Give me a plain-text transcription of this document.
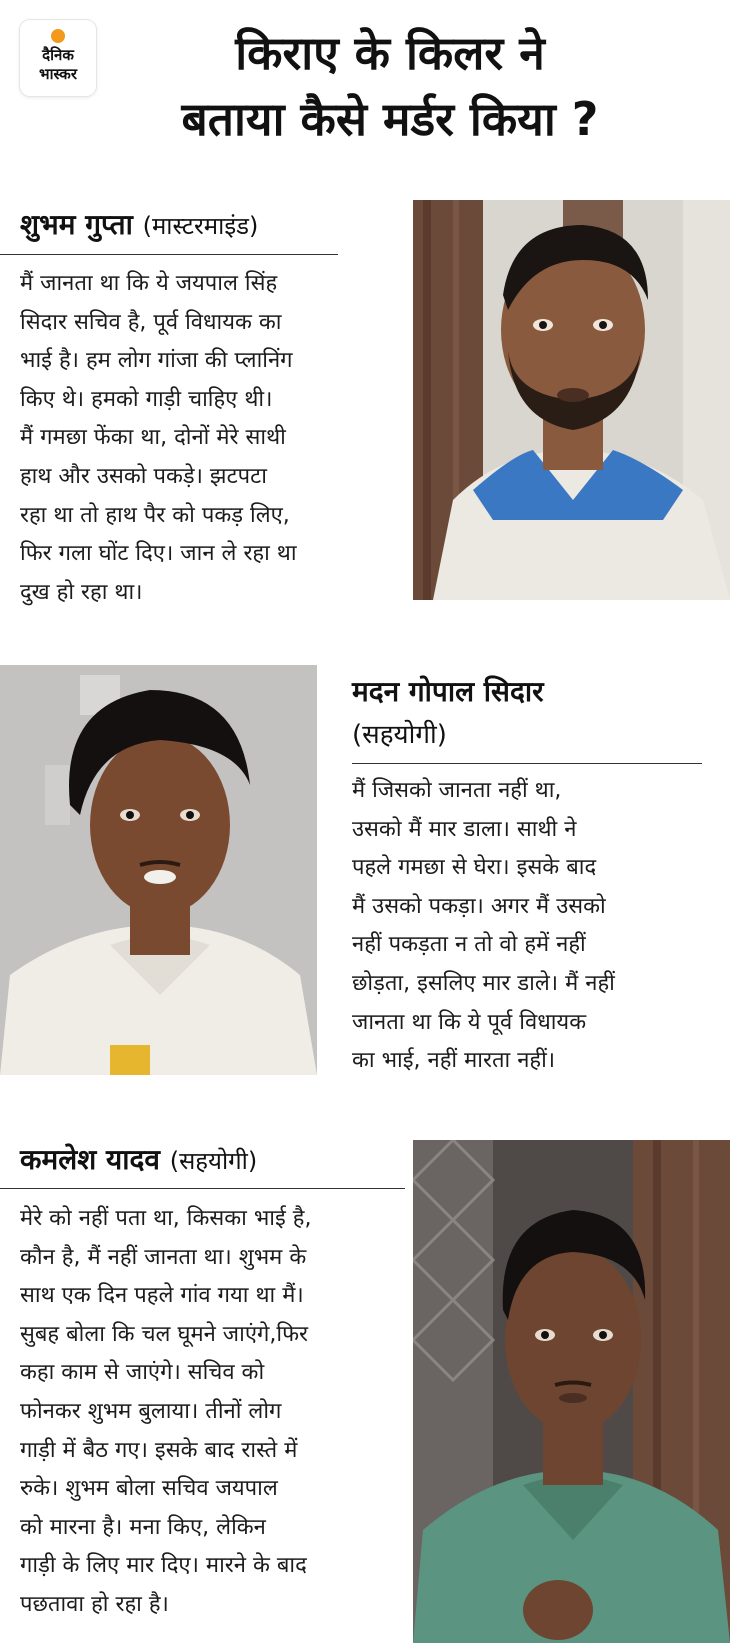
दैनिक
भास्कर	किराए के किलर ने
बताया कैसे मर्डर किया ?
शुभम गुप्ता (मास्टरमाइंड)
मैं जानता था कि ये जयपाल सिंह
सिदार सचिव है, पूर्व विधायक का
भाई है। हम लोग गांजा की प्लानिंग
किए थे। हमको गाड़ी चाहिए थी।
मैं गमछा फेंका था, दोनों मेरे साथी
हाथ और उसको पकड़े। झटपटा
रहा था तो हाथ पैर को पकड़ लिए,
फिर गला घोंट दिए। जान ले रहा था
दुख हो रहा था।
मदन गोपाल सिदार
(सहयोगी)
मैं जिसको जानता नहीं था,
उसको मैं मार डाला। साथी ने
पहले गमछा से घेरा। इसके बाद
मैं उसको पकड़ा। अगर मैं उसको
नहीं पकड़ता न तो वो हमें नहीं
छोड़ता, इसलिए मार डाले। मैं नहीं
जानता था कि ये पूर्व विधायक
का भाई, नहीं मारता नहीं।
कमलेश यादव (सहयोगी)
मेरे को नहीं पता था, किसका भाई है,
कौन है, मैं नहीं जानता था। शुभम के
साथ एक दिन पहले गांव गया था मैं।
सुबह बोला कि चल घूमने जाएंगे,फिर
कहा काम से जाएंगे। सचिव को
फोनकर शुभम बुलाया। तीनों लोग
गाड़ी में बैठ गए। इसके बाद रास्ते में
रुके। शुभम बोला सचिव जयपाल
को मारना है। मना किए, लेकिन
गाड़ी के लिए मार दिए। मारने के बाद
पछतावा हो रहा है।
